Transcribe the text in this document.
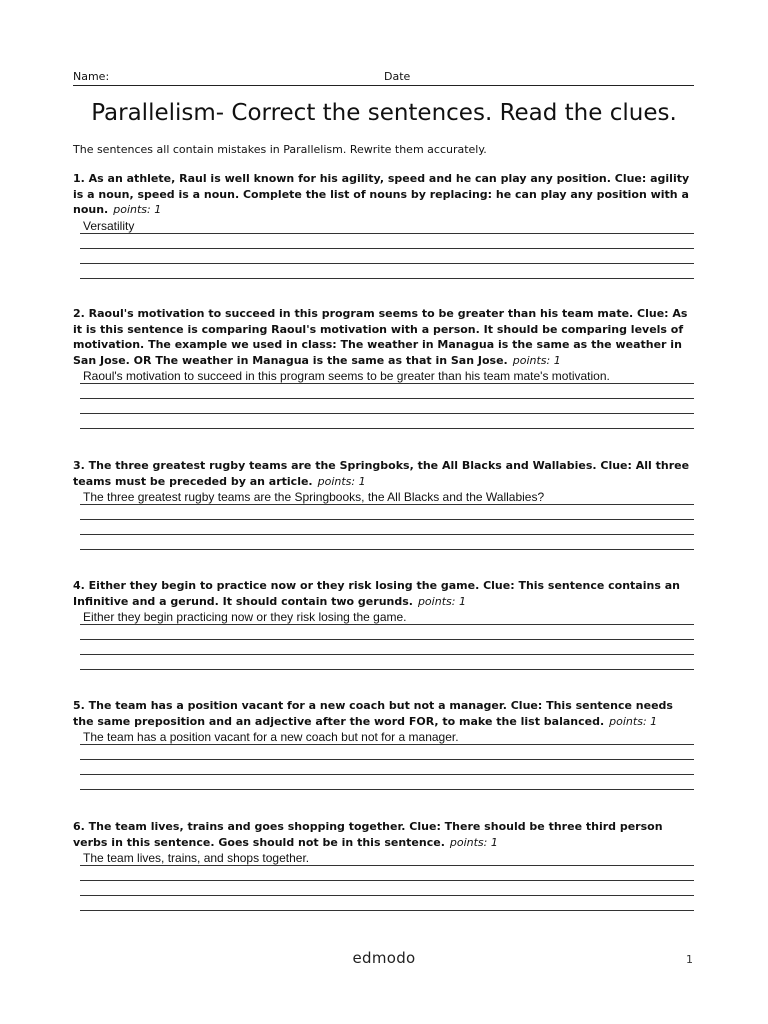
Name:	Date
Parallelism- Correct the sentences. Read the clues.

The sentences all contain mistakes in Parallelism. Rewrite them accurately.

1. As an athlete, Raul is well known for his agility, speed and he can play any position. Clue: agility is a noun, speed is a noun. Complete the list of nouns by replacing: he can play any position with a noun. points: 1

Versatility

2. Raoul's motivation to succeed in this program seems to be greater than his team mate. Clue: As it is this sentence is comparing Raoul's motivation with a person. It should be comparing levels of motivation. The example we used in class: The weather in Managua is the same as the weather in San Jose. OR The weather in Managua is the same as that in San Jose. points: 1

Raoul's motivation to succeed in this program seems to be greater than his team mate's motivation.

3. The three greatest rugby teams are the Springboks, the All Blacks and Wallabies. Clue: All three teams must be preceded by an article. points: 1

The three greatest rugby teams are the Springbooks, the All Blacks and the Wallabies?

4. Either they begin to practice now or they risk losing the game. Clue: This sentence contains an Infinitive and a gerund. It should contain two gerunds. points: 1

Either they begin practicing now or they risk losing the game.

5. The team has a position vacant for a new coach but not a manager. Clue: This sentence needs the same preposition and an adjective after the word FOR, to make the list balanced. points: 1

The team has a position vacant for a new coach but not for a manager.

6. The team lives, trains and goes shopping together. Clue: There should be three third person verbs in this sentence. Goes should not be in this sentence. points: 1

The team lives, trains, and shops together.
edmodo	1
